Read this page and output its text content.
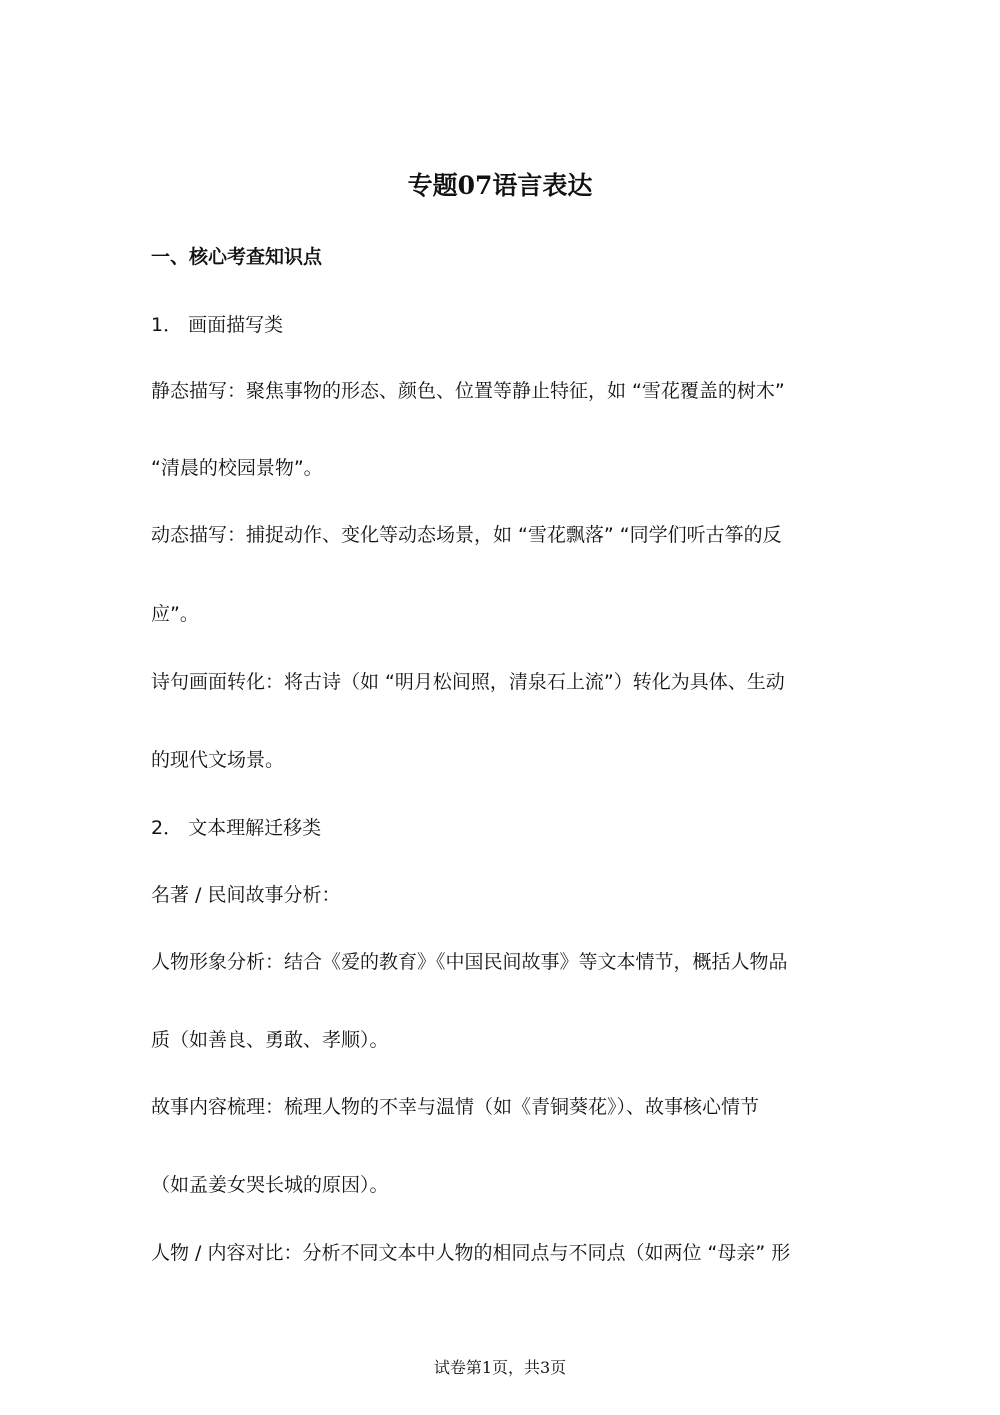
专题07语言表达

一、核心考查知识点

1． 画面描写类

静态描写：聚焦事物的形态、颜色、位置等静止特征，如 “雪花覆盖的树木”

“清晨的校园景物”。

动态描写：捕捉动作、变化等动态场景，如 “雪花飘落” “同学们听古筝的反

应”。

诗句画面转化：将古诗（如 “明月松间照，清泉石上流”）转化为具体、生动

的现代文场景。

2． 文本理解迁移类

名著 / 民间故事分析：

人物形象分析：结合《爱的教育》《中国民间故事》等文本情节，概括人物品

质（如善良、勇敢、孝顺）。

故事内容梳理：梳理人物的不幸与温情（如《青铜葵花》）、故事核心情节

（如孟姜女哭长城的原因）。

人物 / 内容对比：分析不同文本中人物的相同点与不同点（如两位 “母亲” 形

试卷第1页，共3页
